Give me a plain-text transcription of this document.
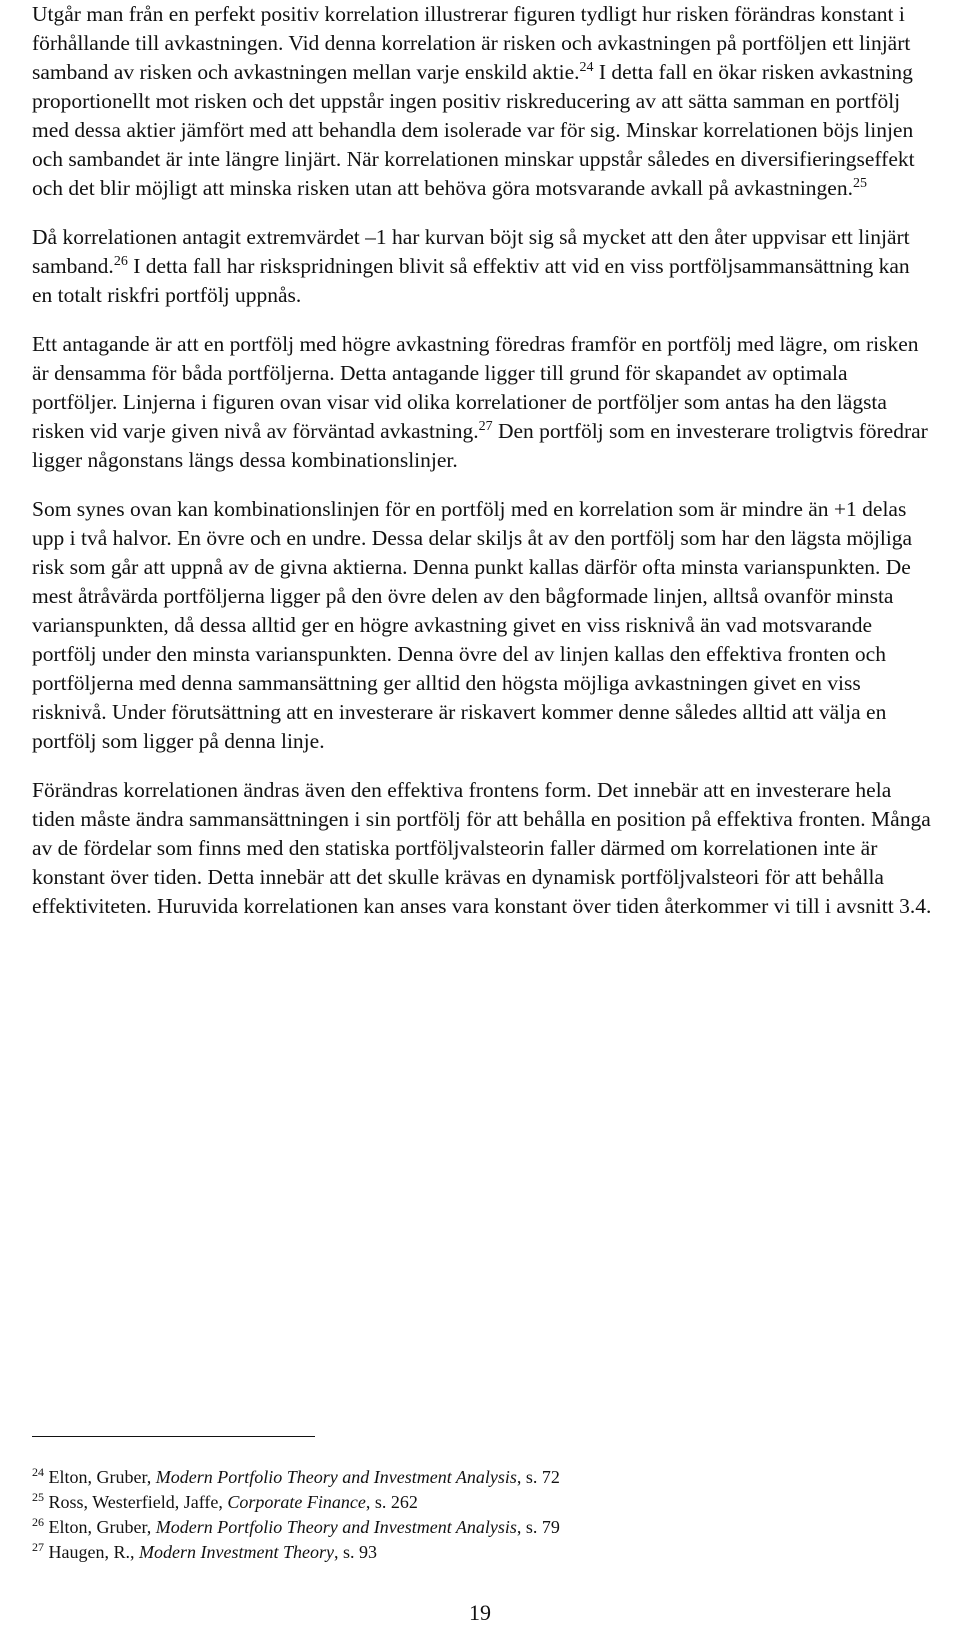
Utgår man från en perfekt positiv korrelation illustrerar figuren tydligt hur risken förändras konstant i förhållande till avkastningen. Vid denna korrelation är risken och avkastningen på portföljen ett linjärt samband av risken och avkastningen mellan varje enskild aktie.$^{24}$ I detta fall en ökar risken avkastning proportionellt mot risken och det uppstår ingen positiv riskreducering av att sätta samman en portfölj med dessa aktier jämfört med att behandla dem isolerade var för sig. Minskar korrelationen böjs linjen och sambandet är inte längre linjärt. När korrelationen minskar uppstår således en diversifieringseffekt och det blir möjligt att minska risken utan att behöva göra motsvarande avkall på avkastningen.$^{25}$

Då korrelationen antagit extremvärdet –1 har kurvan böjt sig så mycket att den åter uppvisar ett linjärt samband.$^{26}$ I detta fall har riskspridningen blivit så effektiv att vid en viss portföljsammansättning kan en totalt riskfri portfölj uppnås.

Ett antagande är att en portfölj med högre avkastning föredras framför en portfölj med lägre, om risken är densamma för båda portföljerna. Detta antagande ligger till grund för skapandet av optimala portföljer. Linjerna i figuren ovan visar vid olika korrelationer de portföljer som antas ha den lägsta risken vid varje given nivå av förväntad avkastning.$^{27}$ Den portfölj som en investerare troligtvis föredrar ligger någonstans längs dessa kombinationslinjer.

Som synes ovan kan kombinationslinjen för en portfölj med en korrelation som är mindre än +1 delas upp i två halvor. En övre och en undre. Dessa delar skiljs åt av den portfölj som har den lägsta möjliga risk som går att uppnå av de givna aktierna. Denna punkt kallas därför ofta minsta varianspunkten. De mest åtråvärda portföljerna ligger på den övre delen av den bågformade linjen, alltså ovanför minsta varianspunkten, då dessa alltid ger en högre avkastning givet en viss risknivå än vad motsvarande portfölj under den minsta varianspunkten. Denna övre del av linjen kallas den effektiva fronten och portföljerna med denna sammansättning ger alltid den högsta möjliga avkastningen givet en viss risknivå. Under förutsättning att en investerare är riskavert kommer denne således alltid att välja en portfölj som ligger på denna linje.

Förändras korrelationen ändras även den effektiva frontens form. Det innebär att en investerare hela tiden måste ändra sammansättningen i sin portfölj för att behålla en position på effektiva fronten. Många av de fördelar som finns med den statiska portföljvalsteorin faller därmed om korrelationen inte är konstant över tiden. Detta innebär att det skulle krävas en dynamisk portföljvalsteori för att behålla effektiviteten. Huruvida korrelationen kan anses vara konstant över tiden återkommer vi till i avsnitt 3.4.

$^{24}$ Elton, Gruber, Modern Portfolio Theory and Investment Analysis, s. 72
$^{25}$ Ross, Westerfield, Jaffe, Corporate Finance, s. 262
$^{26}$ Elton, Gruber, Modern Portfolio Theory and Investment Analysis, s. 79
$^{27}$ Haugen, R., Modern Investment Theory, s. 93
19
